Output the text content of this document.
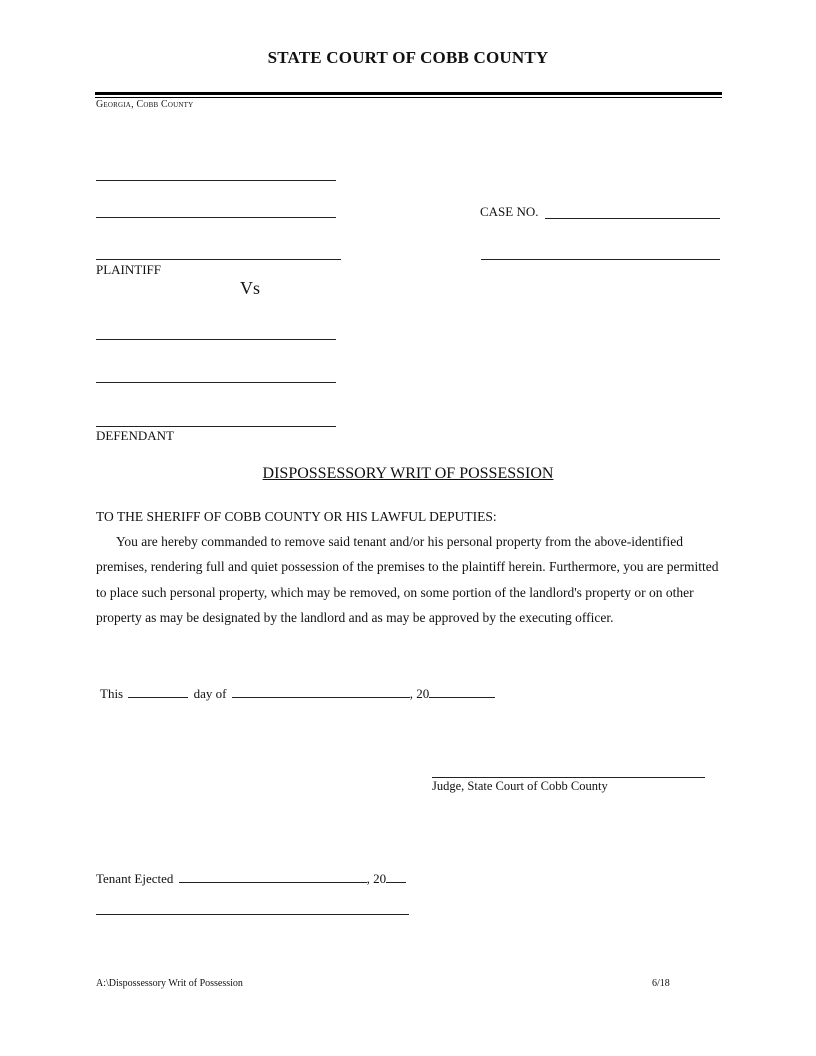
STATE COURT OF COBB COUNTY
Georgia, Cobb County
PLAINTIFF
CASE NO.
Vs
DEFENDANT
DISPOSSESSORY WRIT OF POSSESSION

TO THE SHERIFF OF COBB COUNTY OR HIS LAWFUL DEPUTIES:

You are hereby commanded to remove said tenant and/or his personal property from the above-identified premises, rendering full and quiet possession of the premises to the plaintiff herein. Furthermore, you are permitted to place such personal property, which may be removed, on some portion of the landlord's property or on other property as may be designated by the landlord and as may be approved by the executing officer.

This	day of	, 20
Judge, State Court of Cobb County
Tenant Ejected	, 20
A:\Dispossessory Writ of Possession	6/18
